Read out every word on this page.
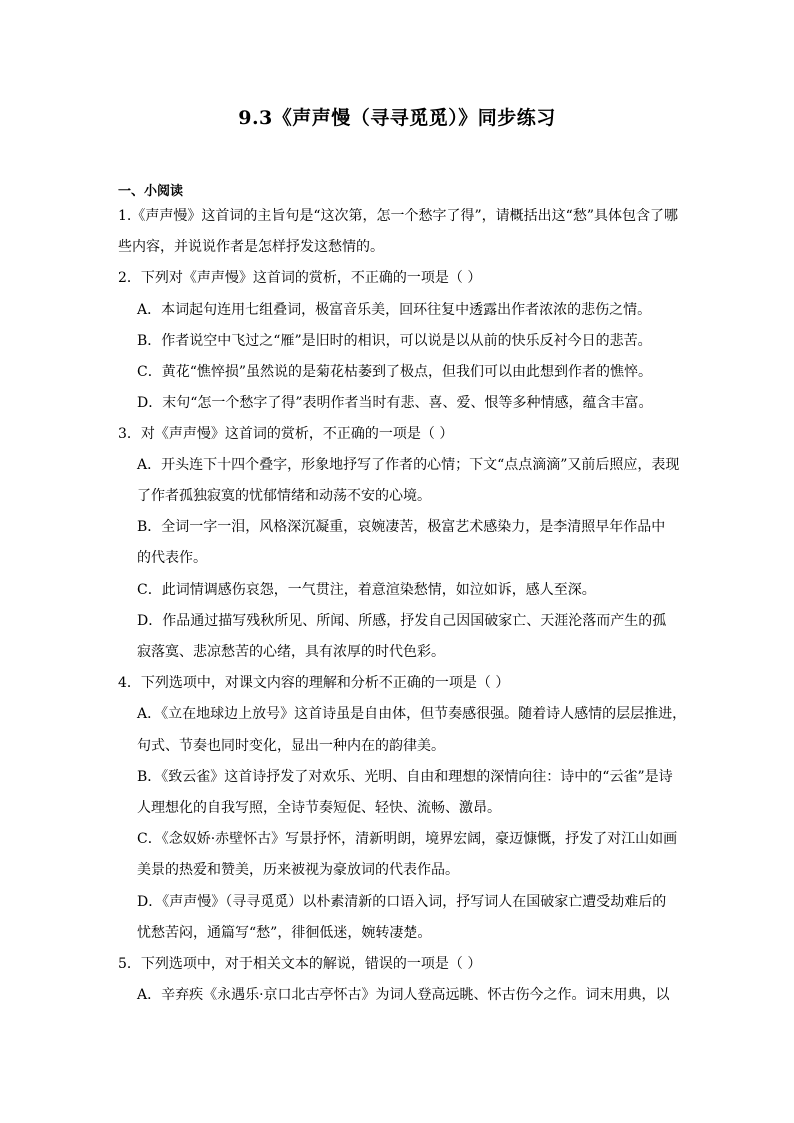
9.3《声声慢（寻寻觅觅）》同步练习
一、小阅读
1.《声声慢》这首词的主旨句是“这次第，怎一个愁字了得”，请概括出这“愁”具体包含了哪
些内容，并说说作者是怎样抒发这愁情的。
2．下列对《声声慢》这首词的赏析，不正确的一项是（ ）
A．本词起句连用七组叠词，极富音乐美，回环往复中透露出作者浓浓的悲伤之情。
B．作者说空中飞过之“雁”是旧时的相识，可以说是以从前的快乐反衬今日的悲苦。
C．黄花“憔悴损”虽然说的是菊花枯萎到了极点，但我们可以由此想到作者的憔悴。
D．末句“怎一个愁字了得”表明作者当时有悲、喜、爱、恨等多种情感，蕴含丰富。
3．对《声声慢》这首词的赏析，不正确的一项是（ ）
A．开头连下十四个叠字，形象地抒写了作者的心情；下文“点点滴滴”又前后照应，表现
了作者孤独寂寞的忧郁情绪和动荡不安的心境。
B．全词一字一泪，风格深沉凝重，哀婉凄苦，极富艺术感染力，是李清照早年作品中
的代表作。
C．此词情调感伤哀怨，一气贯注，着意渲染愁情，如泣如诉，感人至深。
D．作品通过描写残秋所见、所闻、所感，抒发自己因国破家亡、天涯沦落而产生的孤
寂落寞、悲凉愁苦的心绪，具有浓厚的时代色彩。
4．下列选项中，对课文内容的理解和分析不正确的一项是（ ）
A．《立在地球边上放号》这首诗虽是自由体，但节奏感很强。随着诗人感情的层层推进，
句式、节奏也同时变化，显出一种内在的韵律美。
B．《致云雀》这首诗抒发了对欢乐、光明、自由和理想的深情向往：诗中的“云雀”是诗
人理想化的自我写照，全诗节奏短促、轻快、流畅、激昂。
C．《念奴娇·赤壁怀古》写景抒怀，清新明朗，境界宏阔，豪迈慷慨，抒发了对江山如画
美景的热爱和赞美，历来被视为豪放词的代表作品。
D．《声声慢》（寻寻觅觅）以朴素清新的口语入词，抒写词人在国破家亡遭受劫难后的
忧愁苦闷，通篇写“愁”，徘徊低迷，婉转凄楚。
5．下列选项中，对于相关文本的解说，错误的一项是（ ）
A．辛弃疾《永遇乐·京口北古亭怀古》为词人登高远眺、怀古伤今之作。词末用典，以
